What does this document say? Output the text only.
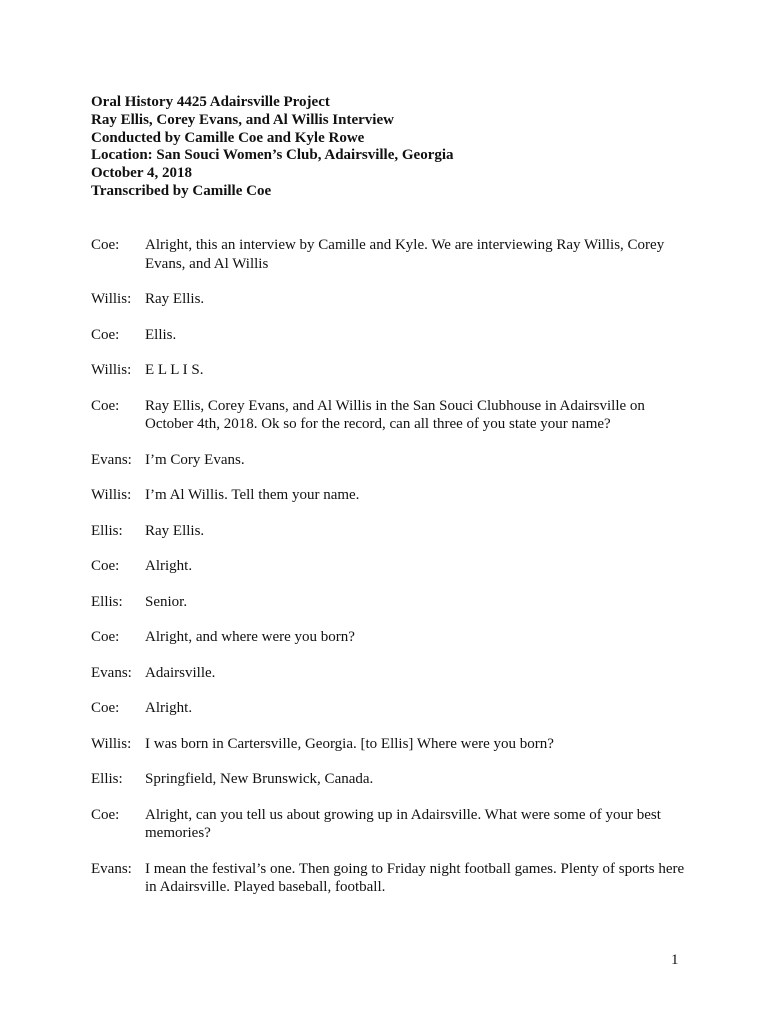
Oral History 4425 Adairsville Project
Ray Ellis, Corey Evans, and Al Willis Interview
Conducted by Camille Coe and Kyle Rowe
Location: San Souci Women’s Club, Adairsville, Georgia
October 4, 2018
Transcribed by Camille Coe
Coe:	Alright, this an interview by Camille and Kyle. We are interviewing Ray Willis, Corey Evans, and Al Willis
Willis: Ray Ellis.
Coe:	Ellis.
Willis: E L L I S.
Coe:	Ray Ellis, Corey Evans, and Al Willis in the San Souci Clubhouse in Adairsville on October 4th, 2018. Ok so for the record, can all three of you state your name?
Evans: I’m Cory Evans.
Willis: I’m Al Willis. Tell them your name.
Ellis:	Ray Ellis.
Coe:	Alright.
Ellis:	Senior.
Coe:	Alright, and where were you born?
Evans: Adairsville.
Coe:	Alright.
Willis: I was born in Cartersville, Georgia. [to Ellis] Where were you born?
Ellis:	Springfield, New Brunswick, Canada.
Coe:	Alright, can you tell us about growing up in Adairsville. What were some of your best memories?
Evans: I mean the festival’s one. Then going to Friday night football games. Plenty of sports here in Adairsville. Played baseball, football.
1
